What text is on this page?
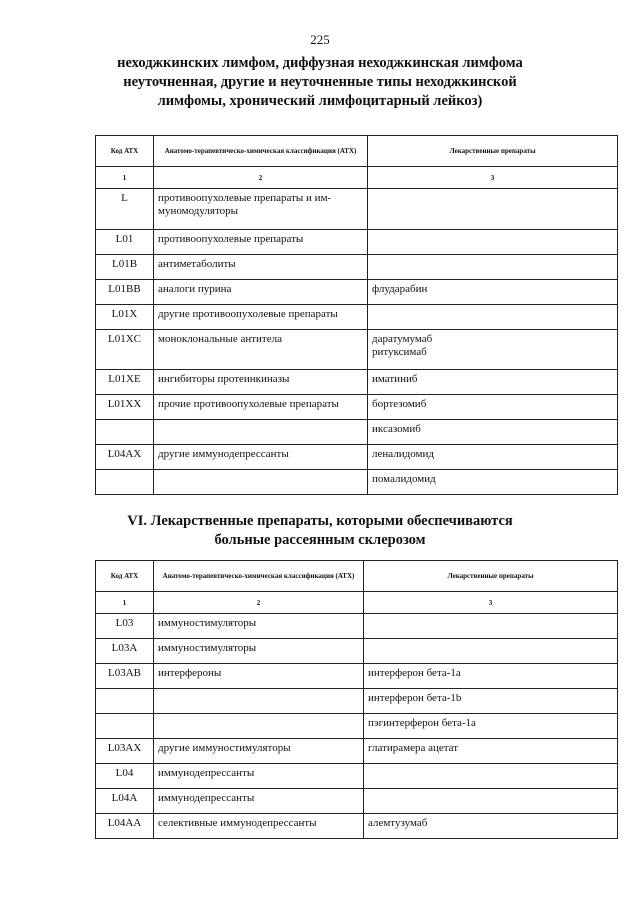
225
неходжкинских лимфом, диффузная неходжкинская лимфома
неуточненная, другие и неуточненные типы неходжкинской
лимфомы, хронический лимфоцитарный лейкоз)
Код АТХ	Анатомо-терапевтическо-химическая классификация (АТХ)	Лекарственные препараты
1	2	3
L	противоопухолевые препараты и им-муномодуляторы	
L01	противоопухолевые препараты	
L01B	антиметаболиты	
L01BB	аналоги пурина	флударабин

L01X	другие противоопухолевые препараты	
L01XC	моноклональные антитела	даратумумаб
ритуксимаб

L01XE	ингибиторы протеинкиназы	иматиниб

L01XX	прочие противоопухолевые препараты	бортезомиб

		иксазомиб

L04AX	другие иммунодепрессанты	леналидомид

		помалидомид
VI. Лекарственные препараты, которыми обеспечиваются
больные рассеянным склерозом
Код АТХ	Анатомо-терапевтическо-химическая классификация (АТХ)	Лекарственные препараты
1	2	3
L03	иммуностимуляторы	
L03A	иммуностимуляторы	
L03AB	интерфероны	интерферон бета-1a

		интерферон бета-1b

		пэгинтерферон бета-1a

L03AX	другие иммуностимуляторы	глатирамера ацетат

L04	иммунодепрессанты	
L04A	иммунодепрессанты	
L04AA	селективные иммунодепрессанты	алемтузумаб
